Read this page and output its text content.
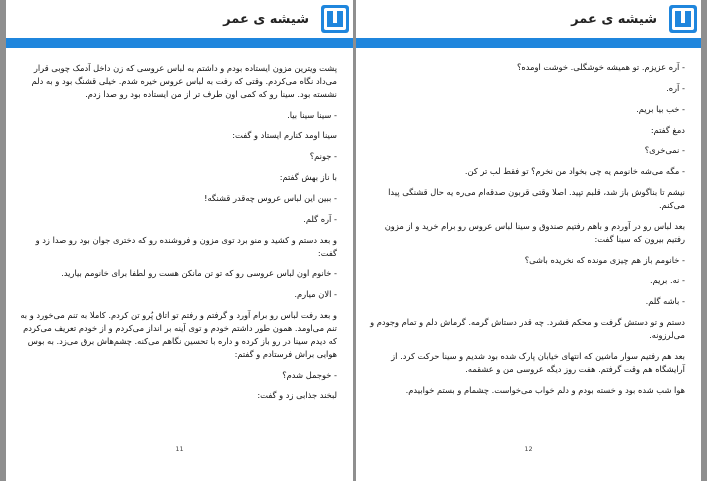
شیشه ی عمر

پشت ویترین مزون ایستاده بودم و داشتم به لباس عروسی که زن داخل آدمک چوبی قرار می‌داد نگاه می‌کردم. وقتی که رفت به لباس عروس خیره شدم. خیلی قشنگ بود و به دلم نشسته بود. سینا رو که کمی اون طرف تر از من ایستاده بود رو صدا زدم.

- سینا سینا بیا.

سینا اومد کنارم ایستاد و گفت:

- جونم؟

با ناز بهش گفتم:

- ببین این لباس عروس چه‌قدر قشنگه!

- آره گلم.

و بعد دستم و کشید و منو برد توی مزون و فروشنده رو که دختری جوان بود رو صدا زد و گفت:

- خانوم اون لباس عروسی رو که تو تن مانکن هست رو لطفا برای خانومم بیارید.

- الان میارم.

و بعد رفت لباس رو برام آورد و گرفتم و رفتم تو اتاق پُرو تن کردم. کاملا به تنم می‌خورد و به تنم می‌اومد. همون طور داشتم خودم و توی آینه بر انداز می‌کردم و از خودم تعریف می‌کردم که دیدم سینا در رو باز کرده و داره با تحسین نگاهم می‌کنه. چشم‌هاش برق می‌زد. به بوس هوایی براش فرستادم و گفتم:

- خوجمل شدم؟

لبخند جذابی زد و گفت:

11
شیشه ی عمر

- آره عزیزم. تو همیشه خوشگلی. خوشت اومده؟

- آره.

- خب بیا بریم.

دمغ گفتم:

- نمی‌خری؟

- مگه می‌شه خانومم یه چی بخواد من نخرم؟ تو فقط لب تر کن.

نیشم تا بناگوش باز شد، قلبم تپید. اصلا وقتی قربون صدقه‌ام می‌ره یه حال قشنگی پیدا می‌کنم.

بعد لباس رو در آوردم و باهم رفتیم صندوق و سینا لباس عروس رو برام خرید و از مزون رفتیم بیرون که سینا گفت:

- خانومم باز هم چیزی مونده که نخریده باشی؟

- نه. بریم.

- باشه گلم.

دستم و تو دستش گرفت و محکم فشرد. چه قدر دستاش گرمه. گرماش دلم و تمام وجودم و می‌لرزونه.

بعد هم رفتیم سوار ماشین که انتهای خیابان پارک شده بود شدیم و سینا حرکت کرد. از آرایشگاه هم وقت گرفتم. هفت روز دیگه عروسی من و عشقمه.

هوا شب شده بود و خسته بودم و دلم خواب می‌خواست. چشمام و بستم خوابیدم.

12
